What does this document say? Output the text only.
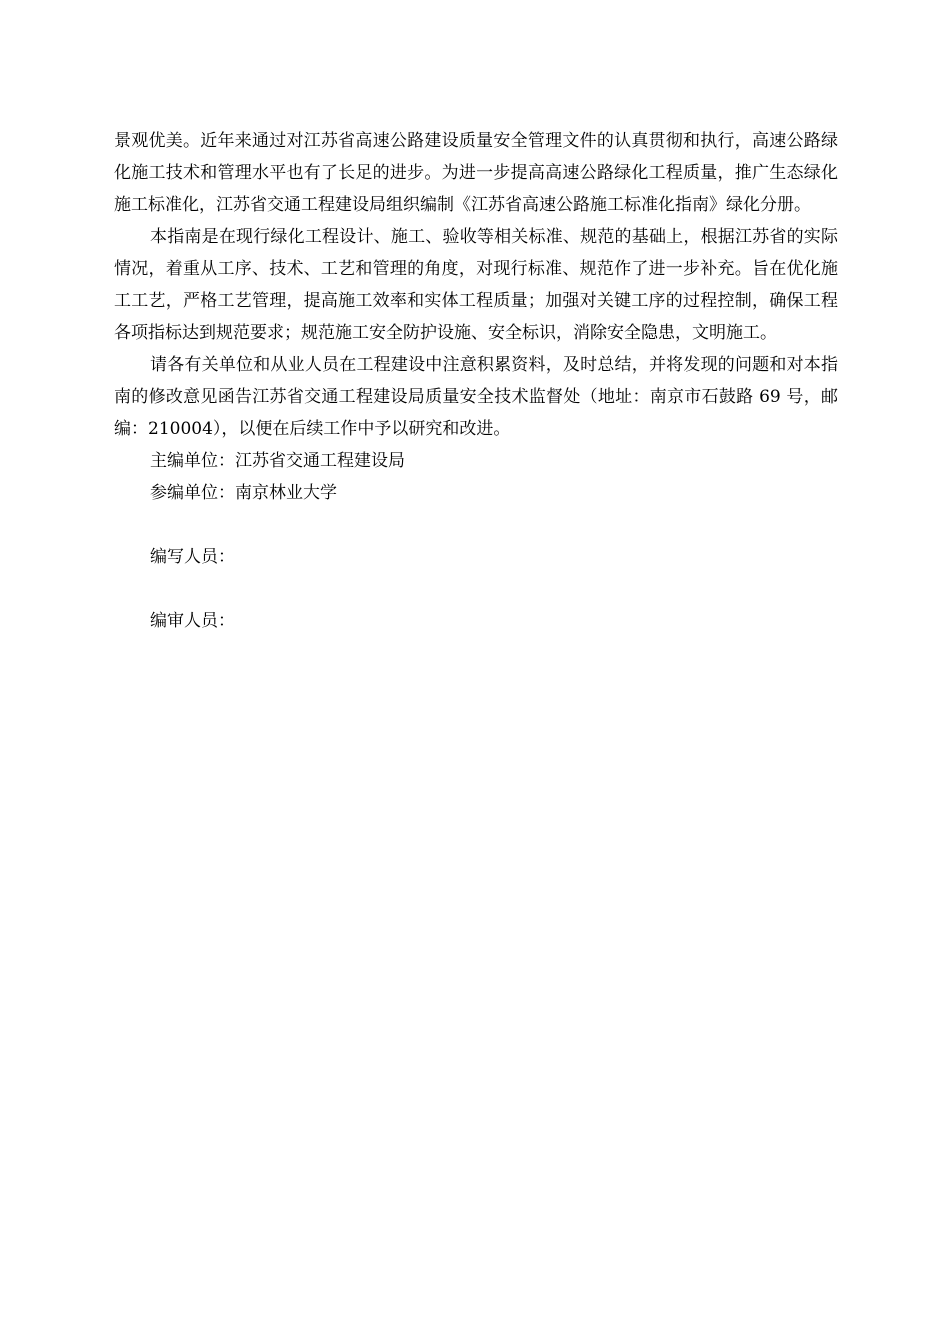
景观优美。近年来通过对江苏省高速公路建设质量安全管理文件的认真贯彻和执行，高速公路绿化施工技术和管理水平也有了长足的进步。为进一步提高高速公路绿化工程质量，推广生态绿化施工标准化，江苏省交通工程建设局组织编制《江苏省高速公路施工标准化指南》绿化分册。

本指南是在现行绿化工程设计、施工、验收等相关标准、规范的基础上，根据江苏省的实际情况，着重从工序、技术、工艺和管理的角度，对现行标准、规范作了进一步补充。旨在优化施工工艺，严格工艺管理，提高施工效率和实体工程质量；加强对关键工序的过程控制，确保工程各项指标达到规范要求；规范施工安全防护设施、安全标识，消除安全隐患，文明施工。

请各有关单位和从业人员在工程建设中注意积累资料，及时总结，并将发现的问题和对本指南的修改意见函告江苏省交通工程建设局质量安全技术监督处（地址：南京市石鼓路 69 号，邮编：210004），以便在后续工作中予以研究和改进。

主编单位：江苏省交通工程建设局

参编单位：南京林业大学

编写人员：

编审人员：
